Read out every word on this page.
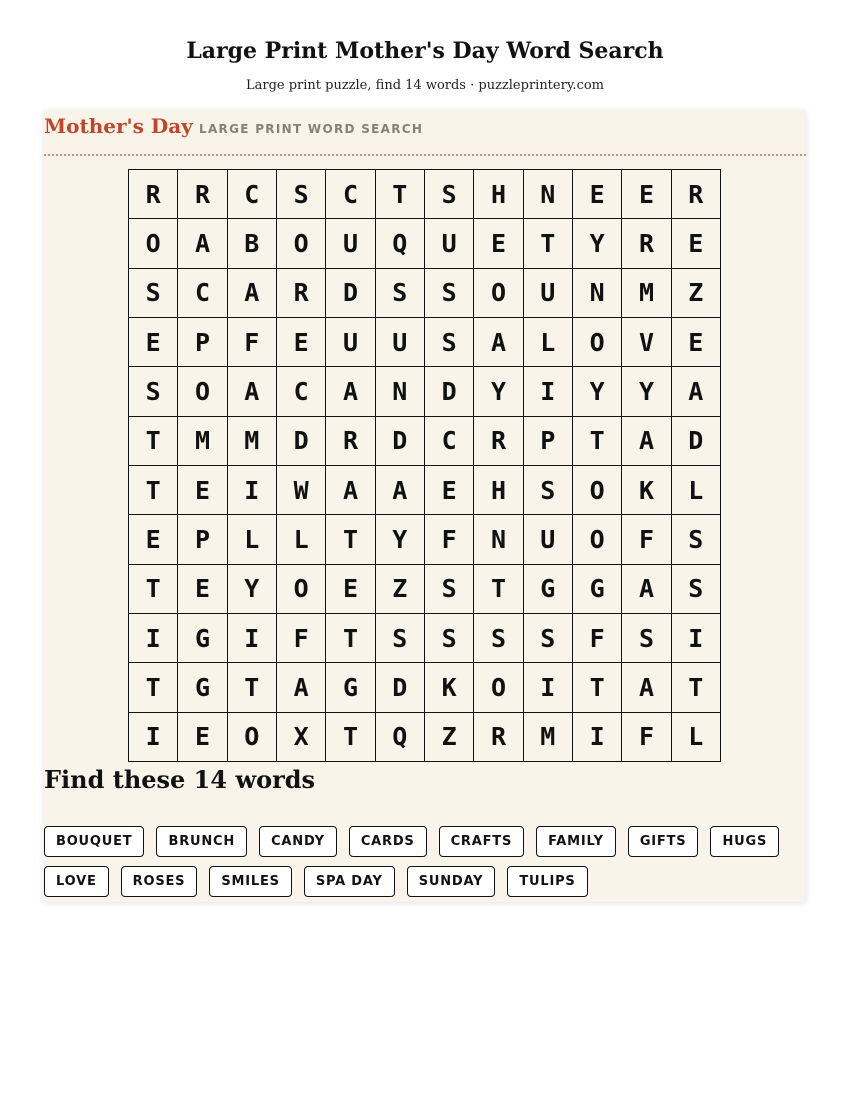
Large Print Mother's Day Word Search
Large print puzzle, find 14 words · puzzleprintery.com
Mother's Day LARGE PRINT WORD SEARCH
R	R	C	S	C	T	S	H	N	E	E	R
O	A	B	O	U	Q	U	E	T	Y	R	E
S	C	A	R	D	S	S	O	U	N	M	Z
E	P	F	E	U	U	S	A	L	O	V	E
S	O	A	C	A	N	D	Y	I	Y	Y	A
T	M	M	D	R	D	C	R	P	T	A	D
T	E	I	W	A	A	E	H	S	O	K	L
E	P	L	L	T	Y	F	N	U	O	F	S
T	E	Y	O	E	Z	S	T	G	G	A	S
I	G	I	F	T	S	S	S	S	F	S	I
T	G	T	A	G	D	K	O	I	T	A	T
I	E	O	X	T	Q	Z	R	M	I	F	L
Find these 14 words
BOUQUET	BRUNCH	CANDY	CARDS	CRAFTS	FAMILY	GIFTS	HUGS
LOVE	ROSES	SMILES	SPA DAY	SUNDAY	TULIPS
